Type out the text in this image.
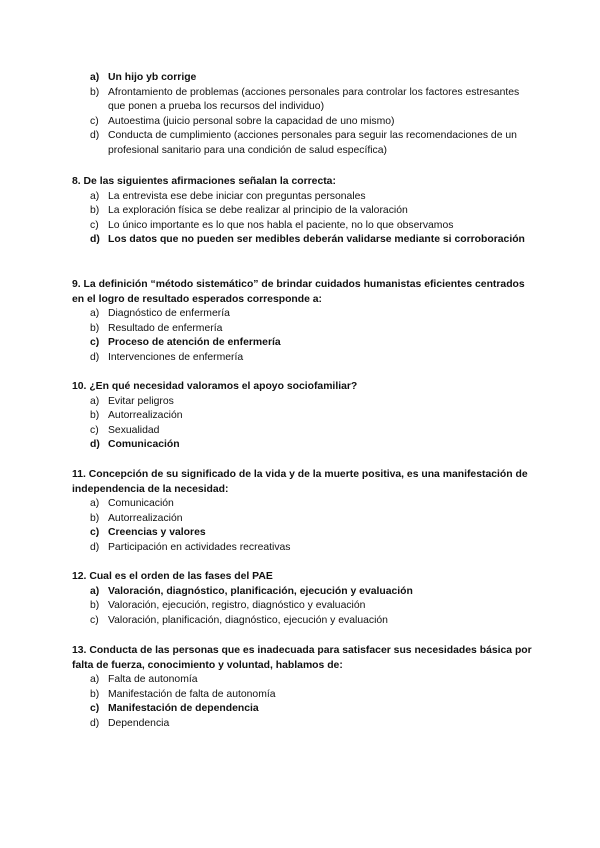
a) Un hijo yb corrige
b) Afrontamiento de problemas (acciones personales para controlar los factores estresantes que ponen a prueba los recursos del individuo)
c) Autoestima (juicio personal sobre la capacidad de uno mismo)
d) Conducta de cumplimiento (acciones personales para seguir las recomendaciones de un profesional sanitario para una condición de salud específica)

8. De las siguientes afirmaciones señalan la correcta:

a) La entrevista ese debe iniciar con preguntas personales
b) La exploración física se debe realizar al principio de la valoración
c) Lo único importante es lo que nos habla el paciente, no lo que observamos
d) Los datos que no pueden ser medibles deberán validarse mediante si corroboración

9. La definición “método sistemático” de brindar cuidados humanistas eficientes centrados en el logro de resultado esperados corresponde a:

a) Diagnóstico de enfermería
b) Resultado de enfermería
c) Proceso de atención de enfermería
d) Intervenciones de enfermería

10. ¿En qué necesidad valoramos el apoyo sociofamiliar?

a) Evitar peligros
b) Autorrealización
c) Sexualidad
d) Comunicación

11. Concepción de su significado de la vida y de la muerte positiva, es una manifestación de independencia de la necesidad:

a) Comunicación
b) Autorrealización
c) Creencias y valores
d) Participación en actividades recreativas

12. Cual es el orden de las fases del PAE

a) Valoración, diagnóstico, planificación, ejecución y evaluación
b) Valoración, ejecución, registro, diagnóstico y evaluación
c) Valoración, planificación, diagnóstico, ejecución y evaluación

13. Conducta de las personas que es inadecuada para satisfacer sus necesidades básica por falta de fuerza, conocimiento y voluntad, hablamos de:

a) Falta de autonomía
b) Manifestación de falta de autonomía
c) Manifestación de dependencia
d) Dependencia
